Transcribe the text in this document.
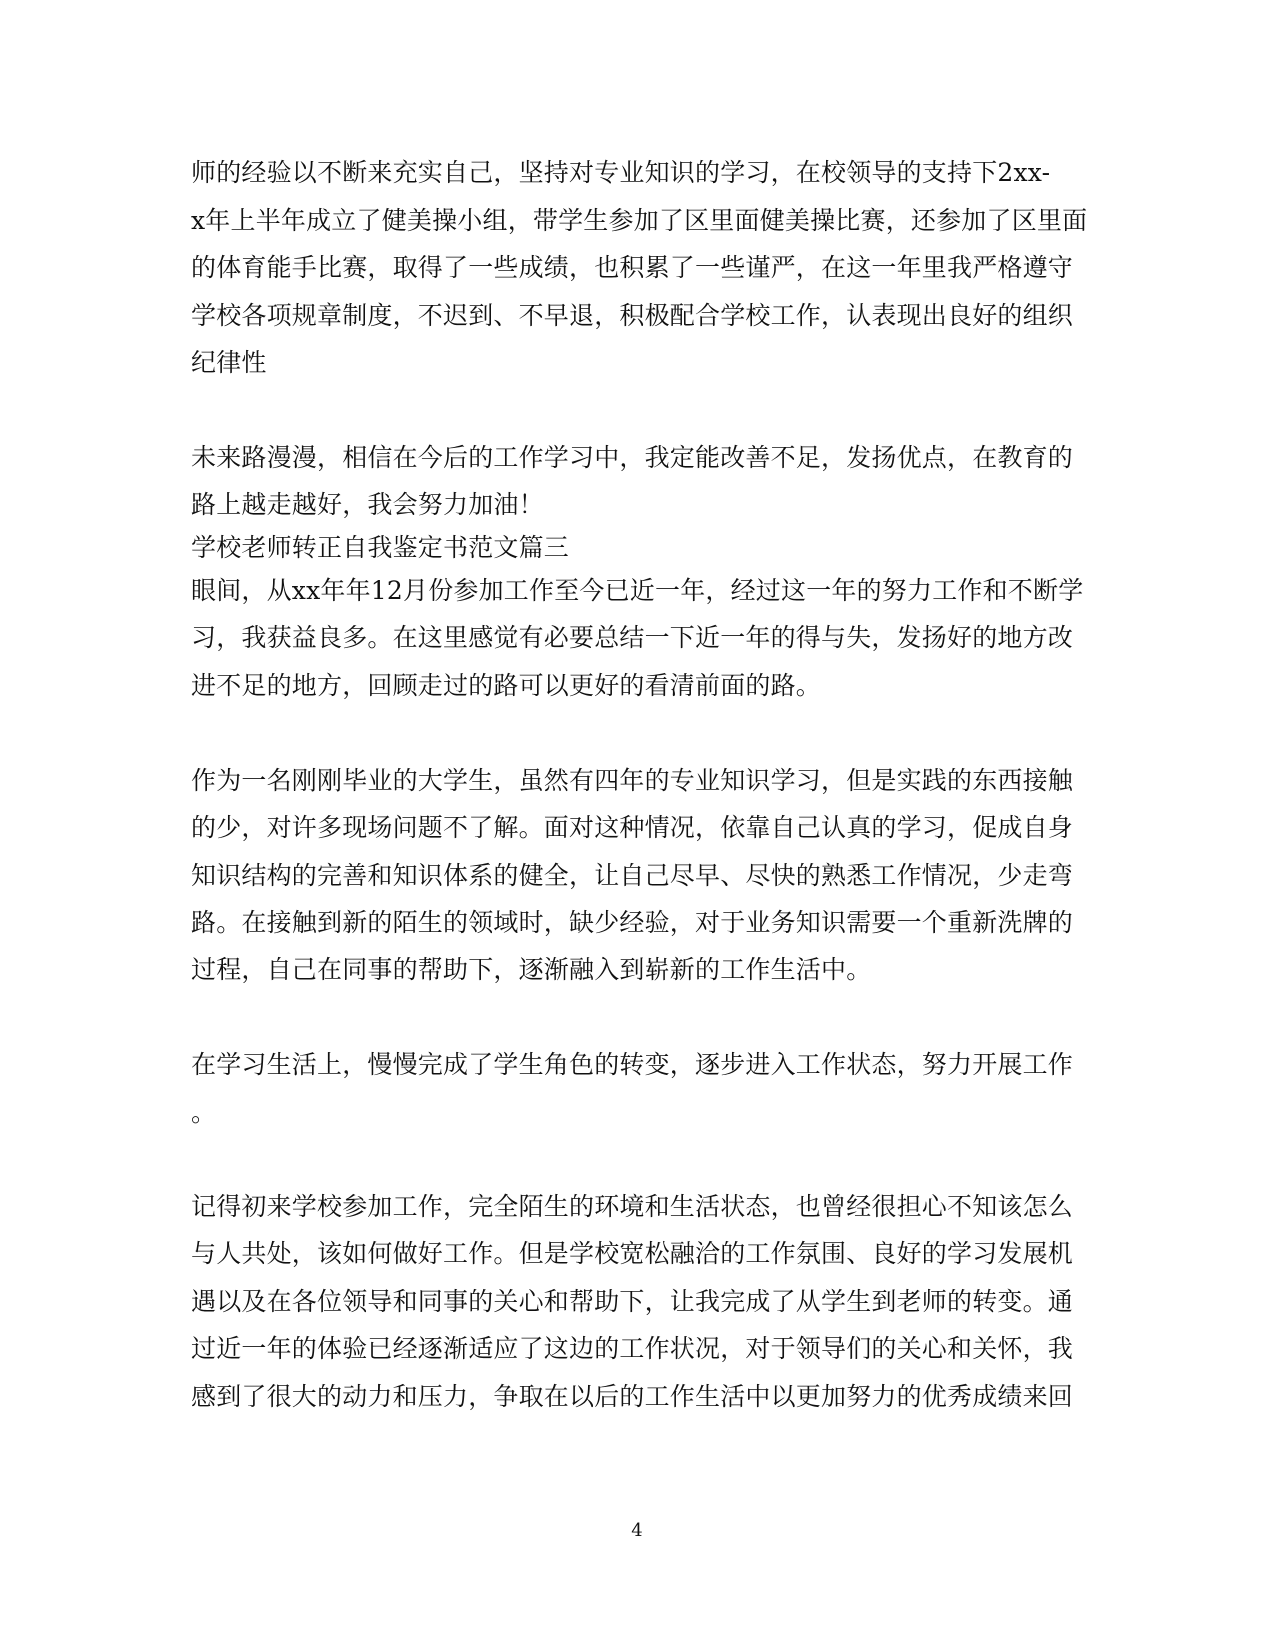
师的经验以不断来充实自己，坚持对专业知识的学习，在校领导的支持下2xx-
x年上半年成立了健美操小组，带学生参加了区里面健美操比赛，还参加了区里面
的体育能手比赛，取得了一些成绩，也积累了一些谨严，在这一年里我严格遵守
学校各项规章制度，不迟到、不早退，积极配合学校工作，认表现出良好的组织
纪律性
未来路漫漫，相信在今后的工作学习中，我定能改善不足，发扬优点，在教育的
路上越走越好，我会努力加油！
学校老师转正自我鉴定书范文篇三
眼间，从xx年年12月份参加工作至今已近一年，经过这一年的努力工作和不断学
习，我获益良多。在这里感觉有必要总结一下近一年的得与失，发扬好的地方改
进不足的地方，回顾走过的路可以更好的看清前面的路。
作为一名刚刚毕业的大学生，虽然有四年的专业知识学习，但是实践的东西接触
的少，对许多现场问题不了解。面对这种情况，依靠自己认真的学习，促成自身
知识结构的完善和知识体系的健全，让自己尽早、尽快的熟悉工作情况，少走弯
路。在接触到新的陌生的领域时，缺少经验，对于业务知识需要一个重新洗牌的
过程，自己在同事的帮助下，逐渐融入到崭新的工作生活中。
在学习生活上，慢慢完成了学生角色的转变，逐步进入工作状态，努力开展工作
。
记得初来学校参加工作，完全陌生的环境和生活状态，也曾经很担心不知该怎么
与人共处，该如何做好工作。但是学校宽松融洽的工作氛围、良好的学习发展机
遇以及在各位领导和同事的关心和帮助下，让我完成了从学生到老师的转变。通
过近一年的体验已经逐渐适应了这边的工作状况，对于领导们的关心和关怀，我
感到了很大的动力和压力，争取在以后的工作生活中以更加努力的优秀成绩来回
4
